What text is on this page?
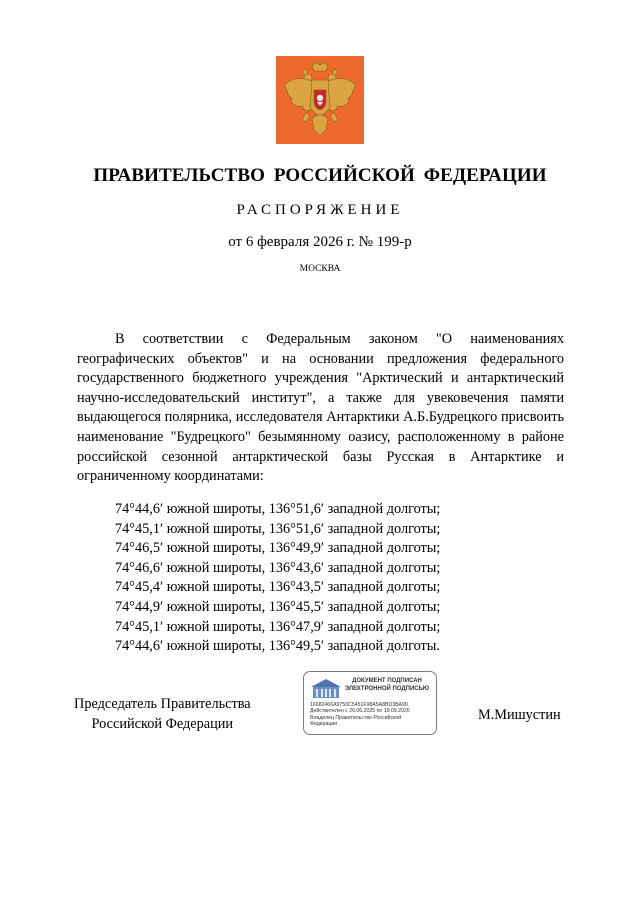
ПРАВИТЕЛЬСТВО РОССИЙСКОЙ ФЕДЕРАЦИИ
РАСПОРЯЖЕНИЕ
от 6 февраля 2026 г. № 199-р
МОСКВА

В соответствии с Федеральным законом "О наименованиях географических объектов" и на основании предложения федерального государственного бюджетного учреждения "Арктический и антарктический научно-исследовательский институт", а также для увековечения памяти выдающегося полярника, исследователя Антарктики А.Б.Будрецкого присвоить наименование "Будрецкого" безымянному оазису, расположенному в районе российской сезонной антарктической базы Русская в Антарктике и ограниченному координатами:

74°44,6′ южной широты, 136°51,6′ западной долготы;
74°45,1′ южной широты, 136°51,6′ западной долготы;
74°46,5′ южной широты, 136°49,9′ западной долготы;
74°46,6′ южной широты, 136°43,6′ западной долготы;
74°45,4′ южной широты, 136°43,5′ западной долготы;
74°44,9′ южной широты, 136°45,5′ западной долготы;
74°45,1′ южной широты, 136°47,9′ западной долготы;
74°44,6′ южной широты, 136°49,5′ западной долготы.
Председатель Правительства
Российской Федерации
ДОКУМЕНТ ПОДПИСАН
ЭЛЕКТРОННОЙ ПОДПИСЬЮ
16682466A9750C5451F98A5A8BD3BA99
Действителен с 26.06.2025 по 19.09.2026
Владелец Правительство Российской
Федерации
М.Мишустин
